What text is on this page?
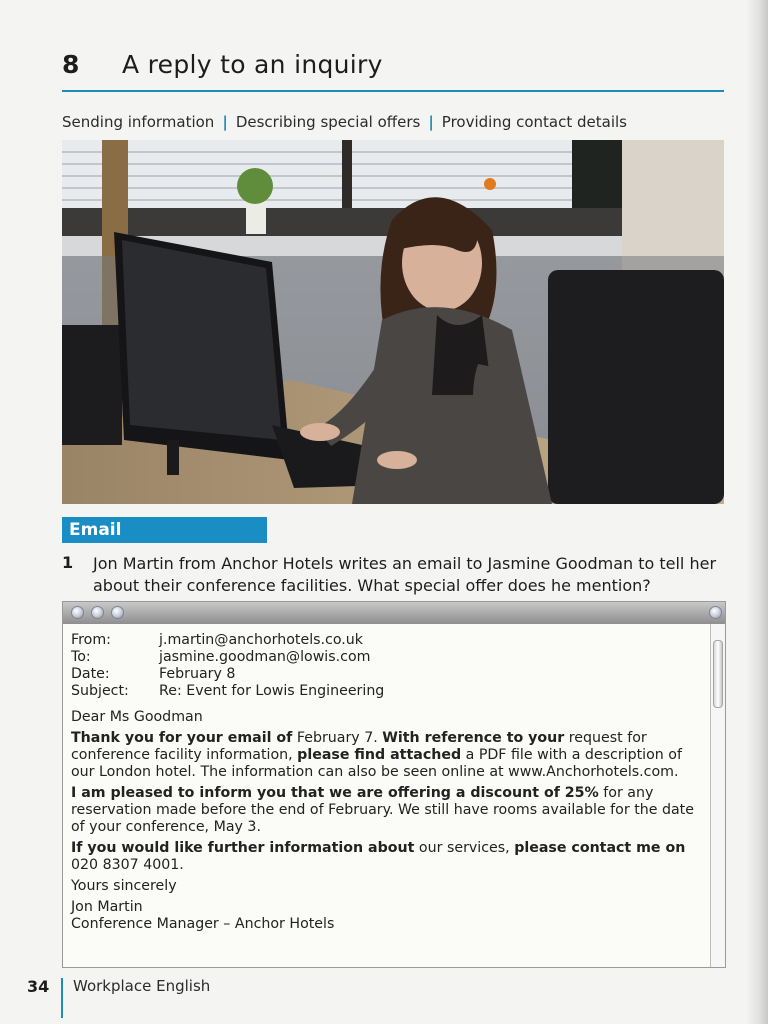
8 A reply to an inquiry
Sending information | Describing special offers | Providing contact details
Email
1 Jon Martin from Anchor Hotels writes an email to Jasmine Goodman to tell her about their conference facilities. What special offer does he mention?
From:	j.martin@anchorhotels.co.uk
To:	jasmine.goodman@lowis.com
Date:	February 8
Subject:	Re: Event for Lowis Engineering

Dear Ms Goodman

Thank you for your email of February 7. With reference to your request for conference facility information, please find attached a PDF file with a description of our London hotel. The information can also be seen online at www.Anchorhotels.com.

I am pleased to inform you that we are offering a discount of 25% for any reservation made before the end of February. We still have rooms available for the date of your conference, May 3.

If you would like further information about our services, please contact me on 020 8307 4001.

Yours sincerely

Jon Martin

Conference Manager – Anchor Hotels
34 Workplace English
